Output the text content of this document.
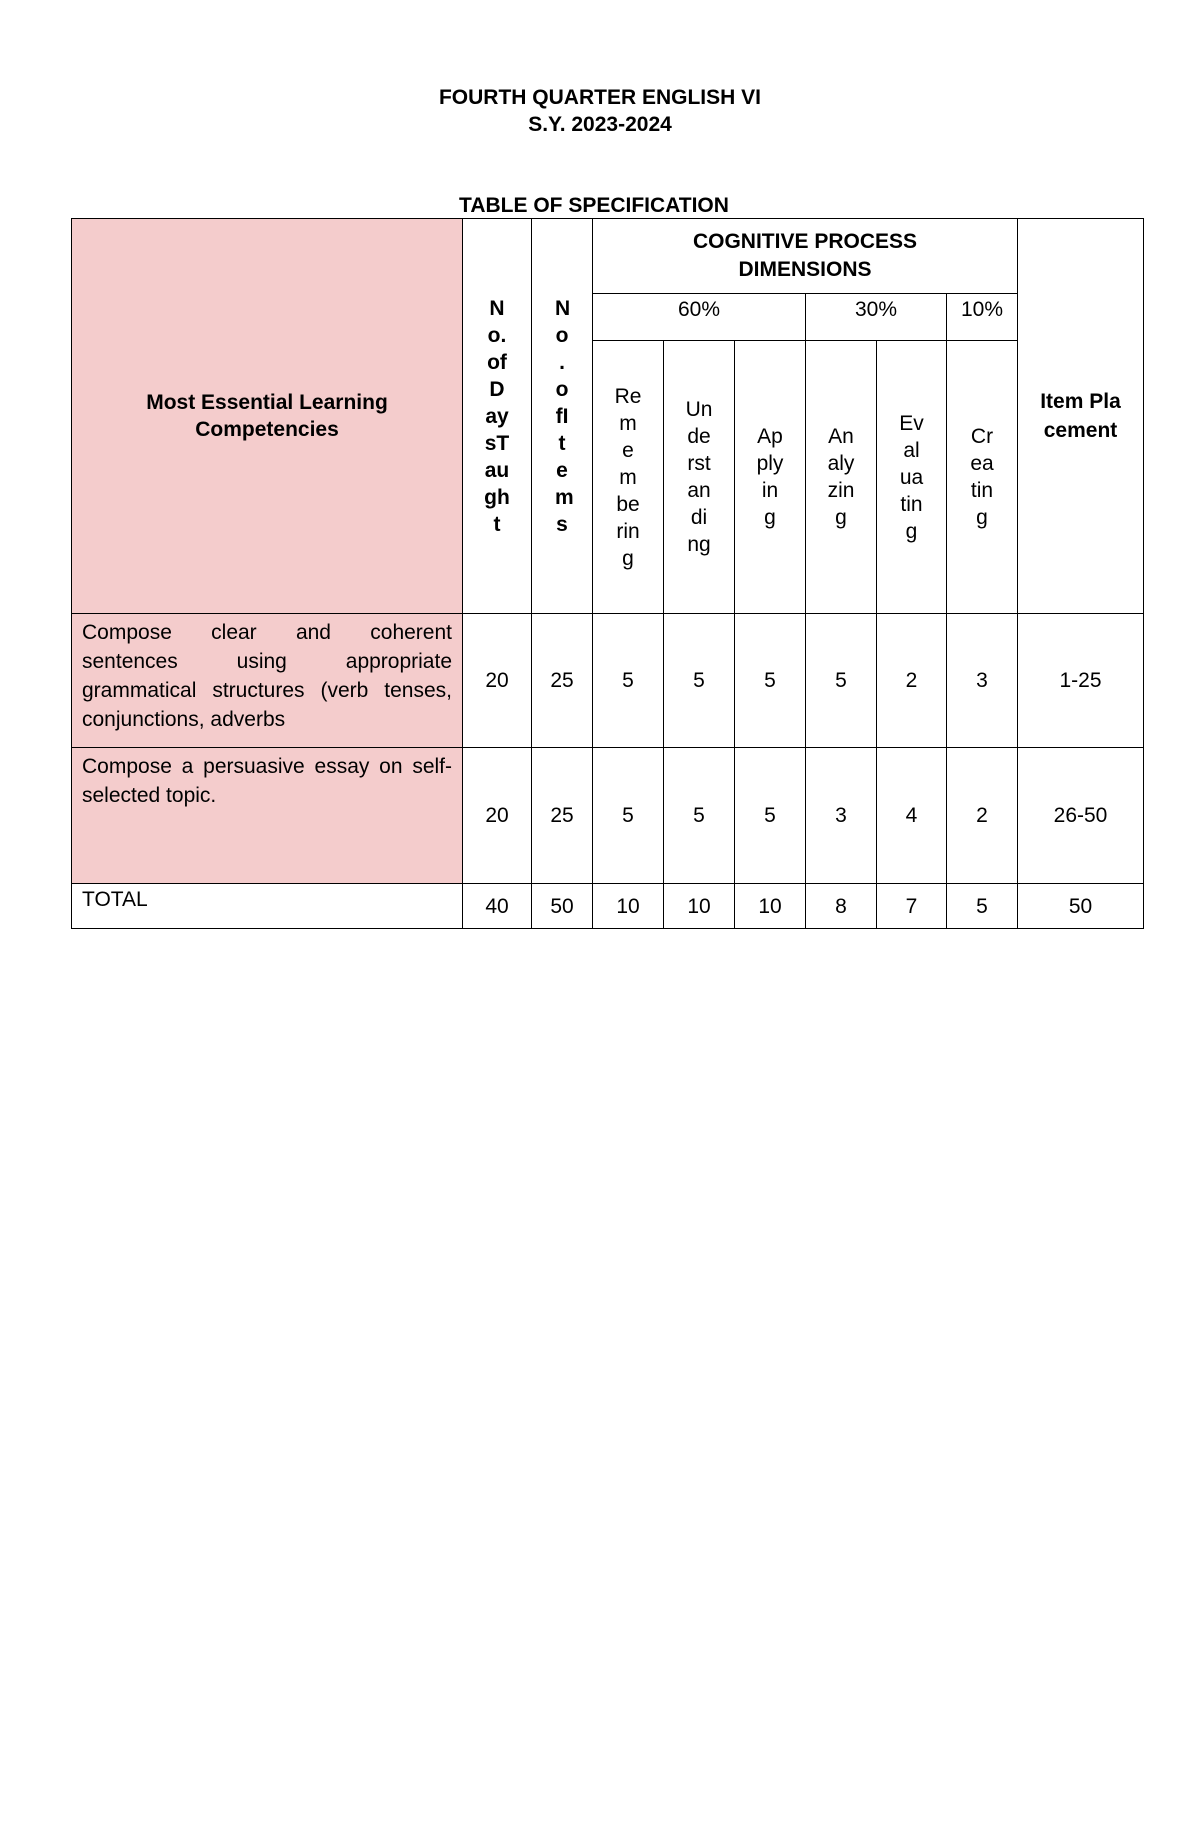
FOURTH QUARTER ENGLISH VI
S.Y. 2023-2024
TABLE OF SPECIFICATION
Most Essential Learning Competencies	No.ofDaysTaught	No.ofItems	COGNITIVE PROCESS DIMENSIONS						Item Placement
			60%			30%		10%	

			Remembering	Understanding	Applying	Analyzing	Evaluating	Creating	

Compose clear and coherent sentences using appropriate grammatical structures (verb tenses, conjunctions, adverbs	20	25	5	5	5	5	2	3	1-25
Compose a persuasive essay on self-selected topic.	20	25	5	5	5	3	4	2	26-50
TOTAL	40	50	10	10	10	8	7	5	50
